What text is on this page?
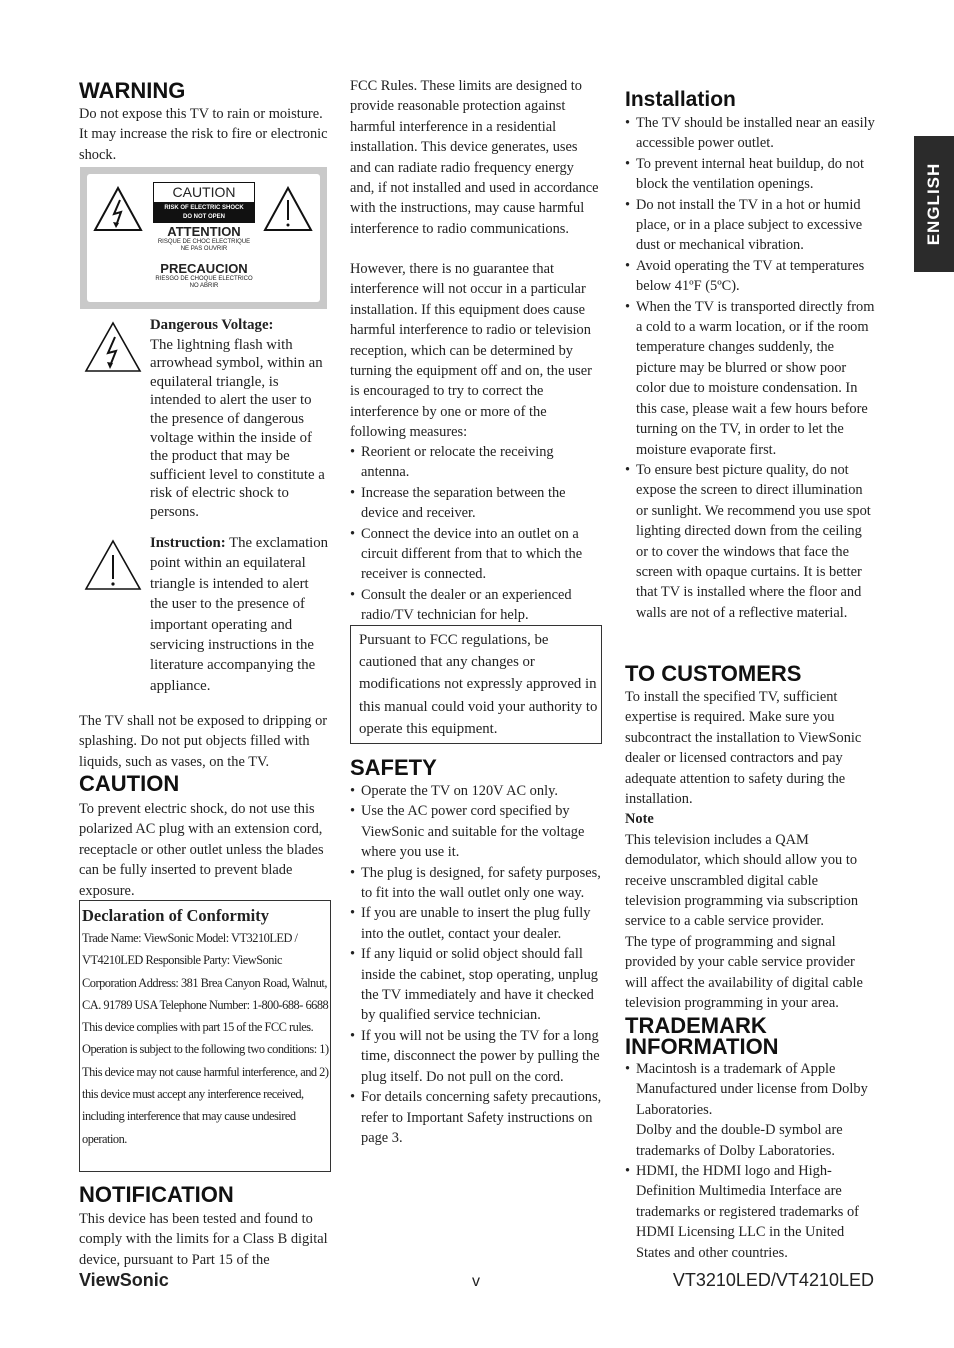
ENGLISH
WARNING

Do not expose this TV to rain or moisture. It may increase the risk to fire or electronic shock.

CAUTION
RISK OF ELECTRIC SHOCK
DO NOT OPEN
ATTENTION
RISQUE DE CHOC ELECTRIQUE
NE PAS OUVRIR
PRECAUCION
RIESGO DE CHOQUE ELECTRICO
NO ABRIR
Dangerous Voltage:
The lightning flash with arrowhead symbol, within an equilateral triangle, is intended to alert the user to the presence of dangerous voltage within the inside of the product that may be sufficient level to constitute a risk of electric shock to persons.

Instruction: The exclamation point within an equilateral triangle is intended to alert the user to the presence of important operating and servicing instructions in the literature accompanying the appliance.

The TV shall not be exposed to dripping or splashing. Do not put objects filled with liquids, such as vases, on the TV.

CAUTION

To prevent electric shock, do not use this polarized AC plug with an extension cord, receptacle or other outlet unless the blades can be fully inserted to prevent blade exposure.

Declaration of Conformity

Trade Name: ViewSonic Model: VT3210LED / VT4210LED Responsible Party: ViewSonic Corporation Address: 381 Brea Canyon Road, Walnut, CA. 91789 USA Telephone Number: 1-800-688- 6688 This device complies with part 15 of the FCC rules. Operation is subject to the following two conditions: 1) This device may not cause harmful interference, and 2) this device must accept any interference received, including interference that may cause undesired operation.

NOTIFICATION

This device has been tested and found to comply with the limits for a Class B digital device, pursuant to Part 15 of the

FCC Rules. These limits are designed to provide reasonable protection against harmful interference in a residential installation. This device generates, uses and can radiate radio frequency energy and, if not installed and used in accordance with the instructions, may cause harmful interference to radio communications.

However, there is no guarantee that interference will not occur in a particular installation. If this equipment does cause harmful interference to radio or television reception, which can be determined by turning the equipment off and on, the user is encouraged to try to correct the interference by one or more of the following measures:

• Reorient or relocate the receiving antenna.
• Increase the separation between the device and receiver.
• Connect the device into an outlet on a circuit different from that to which the receiver is connected.
• Consult the dealer or an experienced radio/TV technician for help.

Pursuant to FCC regulations, be cautioned that any changes or modifications not expressly approved in this manual could void your authority to operate this equipment.

SAFETY
• Operate the TV on 120V AC only.
• Use the AC power cord specified by ViewSonic and suitable for the voltage where you use it.
• The plug is designed, for safety purposes, to fit into the wall outlet only one way.
• If you are unable to insert the plug fully into the outlet, contact your dealer.
• If any liquid or solid object should fall inside the cabinet, stop operating, unplug the TV immediately and have it checked by qualified service technician.
• If you will not be using the TV for a long time, disconnect the power by pulling the plug itself. Do not pull on the cord.
• For details concerning safety precautions, refer to Important Safety instructions on page 3.
Installation
• The TV should be installed near an easily accessible power outlet.
• To prevent internal heat buildup, do not block the ventilation openings.
• Do not install the TV in a hot or humid place, or in a place subject to excessive dust or mechanical vibration.
• Avoid operating the TV at temperatures below 41ºF (5ºC).
• When the TV is transported directly from a cold to a warm location, or if the room temperature changes suddenly, the picture may be blurred or show poor color due to moisture condensation. In this case, please wait a few hours before turning on the TV, in order to let the moisture evaporate first.
• To ensure best picture quality, do not expose the screen to direct illumination or sunlight. We recommend you use spot lighting directed down from the ceiling or to cover the windows that face the screen with opaque curtains. It is better that TV is installed where the floor and walls are not of a reflective material.
TO CUSTOMERS

To install the specified TV, sufficient expertise is required. Make sure you subcontract the installation to ViewSonic dealer or licensed contractors and pay adequate attention to safety during the installation.

Note

This television includes a QAM demodulator, which should allow you to receive unscrambled digital cable television programming via subscription service to a cable service provider.

The type of programming and signal provided by your cable service provider will affect the availability of digital cable television programming in your area.

TRADEMARK
INFORMATION
• Macintosh is a trademark of Apple Manufactured under license from Dolby Laboratories.
Dolby and the double-D symbol are trademarks of Dolby Laboratories.
• HDMI, the HDMI logo and High-Definition Multimedia Interface are trademarks or registered trademarks of HDMI Licensing LLC in the United States and other countries.
ViewSonic	v	VT3210LED/VT4210LED
